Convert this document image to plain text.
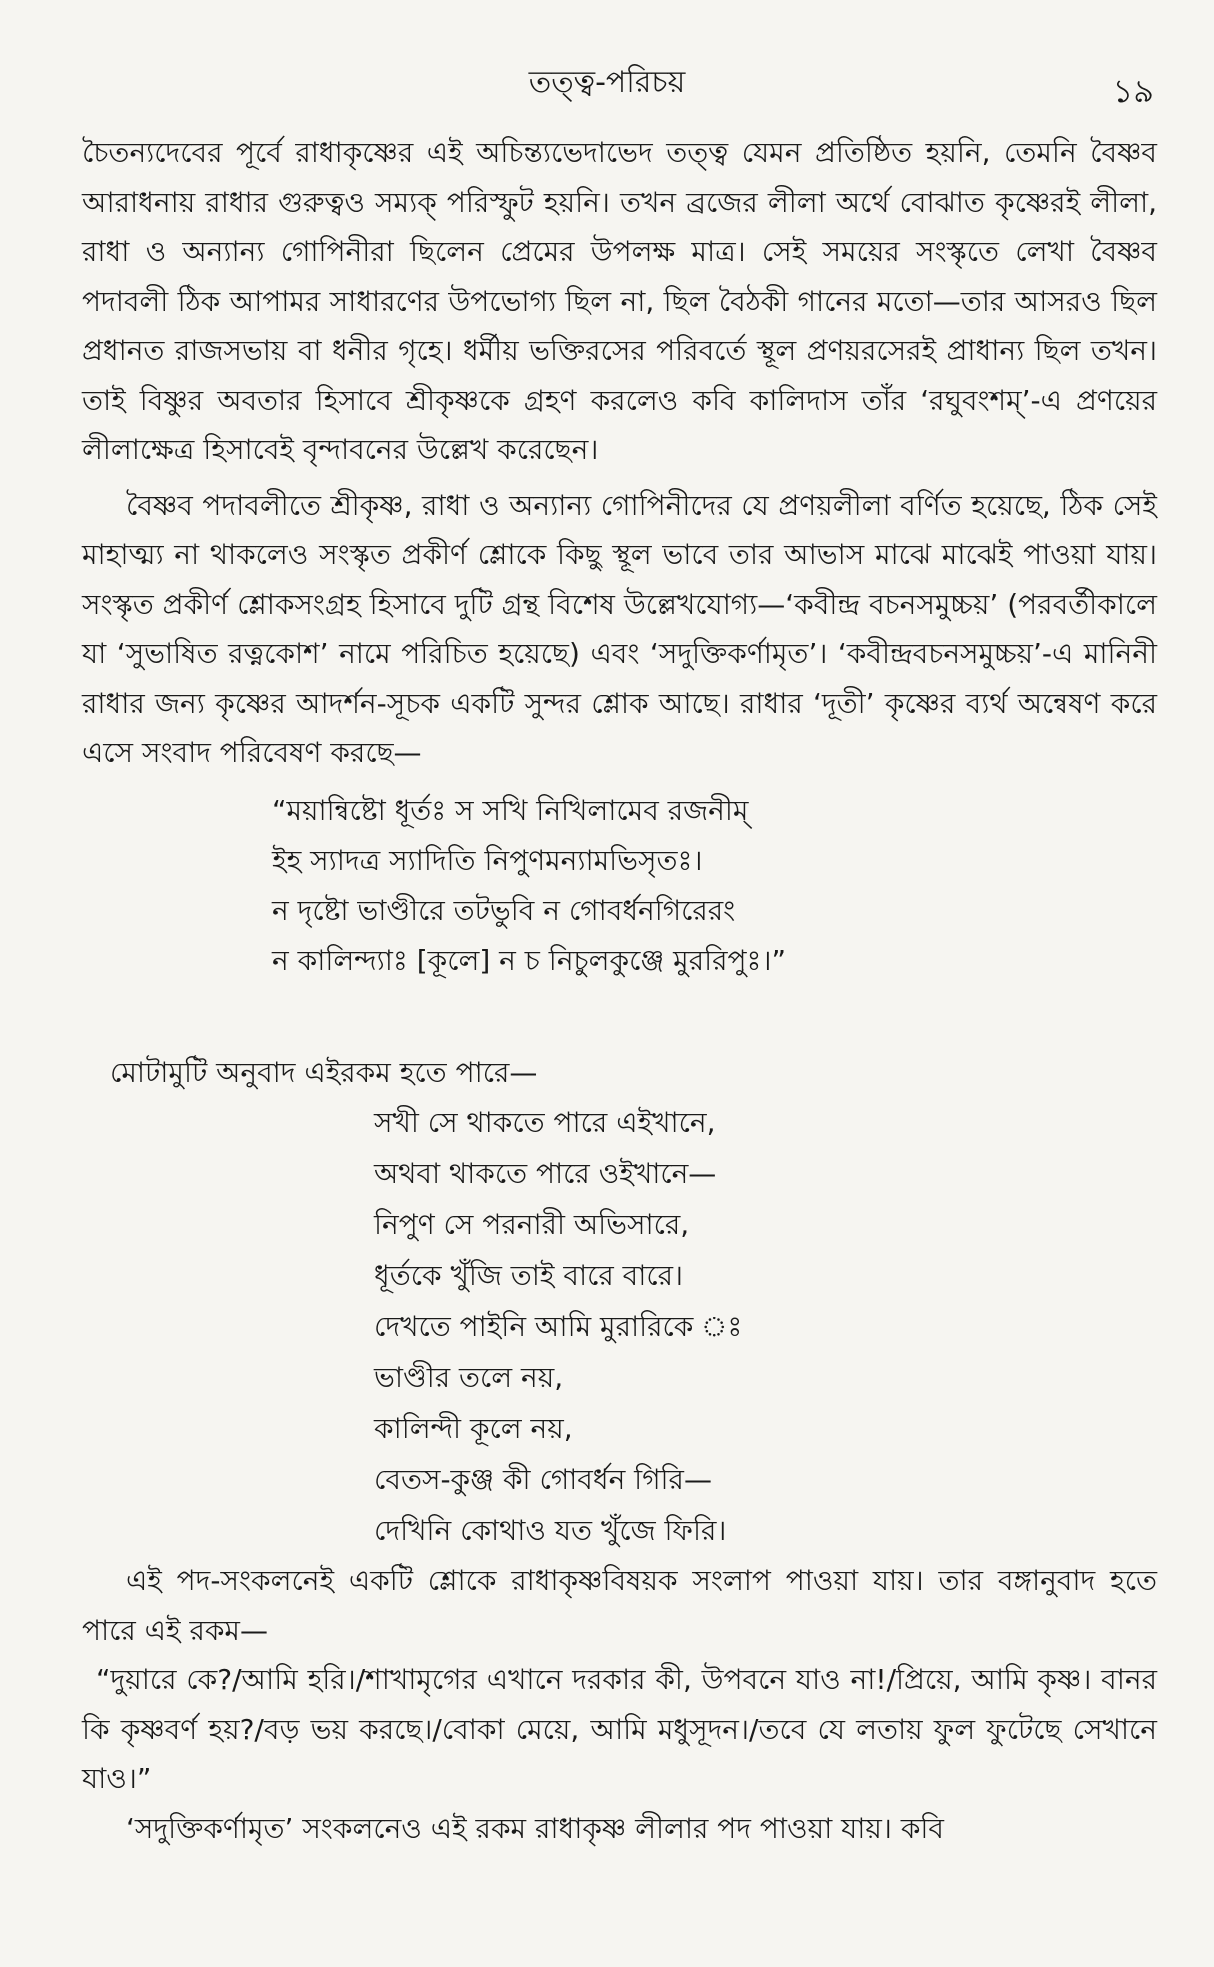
তত্ত্ব-পরিচয়	১৯

চৈতন্যদেবের পূর্বে রাধাকৃষ্ণের এই অচিন্ত্যভেদাভেদ তত্ত্ব যেমন প্রতিষ্ঠিত হয়নি, তেমনি বৈষ্ণব আরাধনায় রাধার গুরুত্বও সম্যক্ পরিস্ফুট হয়নি। তখন ব্রজের লীলা অর্থে বোঝাত কৃষ্ণেরই লীলা, রাধা ও অন্যান্য গোপিনীরা ছিলেন প্রেমের উপলক্ষ মাত্র। সেই সময়ের সংস্কৃতে লেখা বৈষ্ণব পদাবলী ঠিক আপামর সাধারণের উপভোগ্য ছিল না, ছিল বৈঠকী গানের মতো—তার আসরও ছিল প্রধানত রাজসভায় বা ধনীর গৃহে। ধর্মীয় ভক্তিরসের পরিবর্তে স্থূল প্রণয়রসেরই প্রাধান্য ছিল তখন। তাই বিষ্ণুর অবতার হিসাবে শ্রীকৃষ্ণকে গ্রহণ করলেও কবি কালিদাস তাঁর ‘রঘুবংশম্’-এ প্রণয়ের লীলাক্ষেত্র হিসাবেই বৃন্দাবনের উল্লেখ করেছেন।

বৈষ্ণব পদাবলীতে শ্রীকৃষ্ণ, রাধা ও অন্যান্য গোপিনীদের যে প্রণয়লীলা বর্ণিত হয়েছে, ঠিক সেই মাহাত্ম্য না থাকলেও সংস্কৃত প্রকীর্ণ শ্লোকে কিছু স্থূল ভাবে তার আভাস মাঝে মাঝেই পাওয়া যায়। সংস্কৃত প্রকীর্ণ শ্লোকসংগ্রহ হিসাবে দুটি গ্রন্থ বিশেষ উল্লেখযোগ্য—‘কবীন্দ্র বচনসমুচ্চয়’ (পরবর্তীকালে যা ‘সুভাষিত রত্নকোশ’ নামে পরিচিত হয়েছে) এবং ‘সদুক্তিকর্ণামৃত’। ‘কবীন্দ্রবচনসমুচ্চয়’-এ মানিনী রাধার জন্য কৃষ্ণের আদর্শন-সূচক একটি সুন্দর শ্লোক আছে। রাধার ‘দূতী’ কৃষ্ণের ব্যর্থ অন্বেষণ করে এসে সংবাদ পরিবেষণ করছে—

“ময়ান্বিষ্টো ধূর্তঃ স সখি নিখিলামেব রজনীম্
ইহ স্যাদত্র স্যাদিতি নিপুণমন্যামভিসৃতঃ।
ন দৃষ্টো ভাণ্ডীরে তটভুবি ন গোবর্ধনগিরেরং
ন কালিন্দ্যাঃ [কূলে] ন চ নিচুলকুঞ্জে মুররিপুঃ।”
মোটামুটি অনুবাদ এইরকম হতে পারে—
সখী সে থাকতে পারে এইখানে,
অথবা থাকতে পারে ওইখানে—
নিপুণ সে পরনারী অভিসারে,
ধূর্তকে খুঁজি তাই বারে বারে।
দেখতে পাইনি আমি মুরারিকে ঃ
ভাণ্ডীর তলে নয়,
কালিন্দী কূলে নয়,
বেতস-কুঞ্জ কী গোবর্ধন গিরি—
দেখিনি কোথাও যত খুঁজে ফিরি।

এই পদ-সংকলনেই একটি শ্লোকে রাধাকৃষ্ণবিষয়ক সংলাপ পাওয়া যায়। তার বঙ্গানুবাদ হতে পারে এই রকম—

“দুয়ারে কে?/আমি হরি।/শাখামৃগের এখানে দরকার কী, উপবনে যাও না!/প্রিয়ে, আমি কৃষ্ণ। বানর কি কৃষ্ণবর্ণ হয়?/বড় ভয় করছে।/বোকা মেয়ে, আমি মধুসূদন।/তবে যে লতায় ফুল ফুটেছে সেখানে যাও।”

‘সদুক্তিকর্ণামৃত’ সংকলনেও এই রকম রাধাকৃষ্ণ লীলার পদ পাওয়া যায়। কবি
